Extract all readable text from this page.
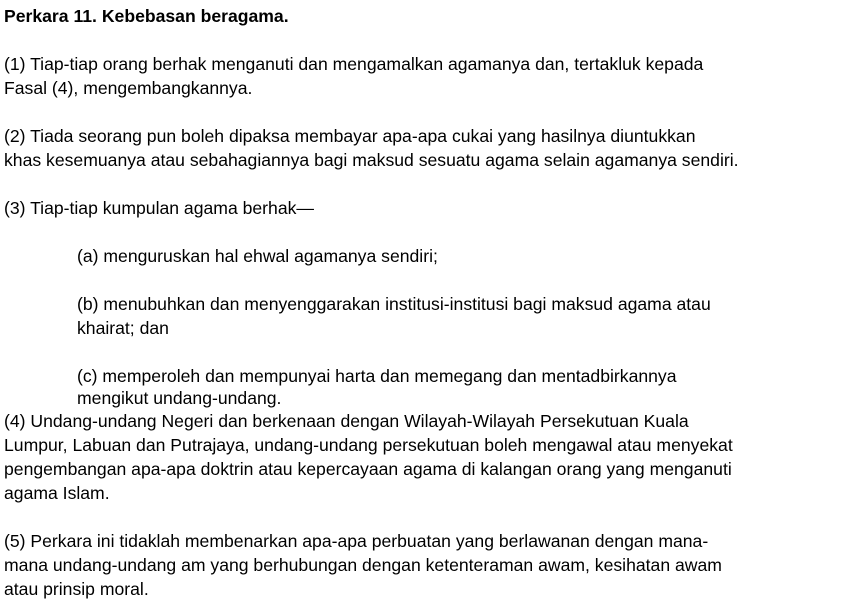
Perkara 11. Kebebasan beragama.
(1) Tiap-tiap orang berhak menganuti dan mengamalkan agamanya dan, tertakluk kepada
Fasal (4), mengembangkannya.
(2) Tiada seorang pun boleh dipaksa membayar apa-apa cukai yang hasilnya diuntukkan
khas kesemuanya atau sebahagiannya bagi maksud sesuatu agama selain agamanya sendiri.
(3) Tiap-tiap kumpulan agama berhak—
(a) menguruskan hal ehwal agamanya sendiri;
(b) menubuhkan dan menyenggarakan institusi-institusi bagi maksud agama atau
khairat; dan
(c) memperoleh dan mempunyai harta dan memegang dan mentadbirkannya
mengikut undang-undang.
(4) Undang-undang Negeri dan berkenaan dengan Wilayah-Wilayah Persekutuan Kuala
Lumpur, Labuan dan Putrajaya, undang-undang persekutuan boleh mengawal atau menyekat
pengembangan apa-apa doktrin atau kepercayaan agama di kalangan orang yang menganuti
agama Islam.
(5) Perkara ini tidaklah membenarkan apa-apa perbuatan yang berlawanan dengan mana-
mana undang-undang am yang berhubungan dengan ketenteraman awam, kesihatan awam
atau prinsip moral.
